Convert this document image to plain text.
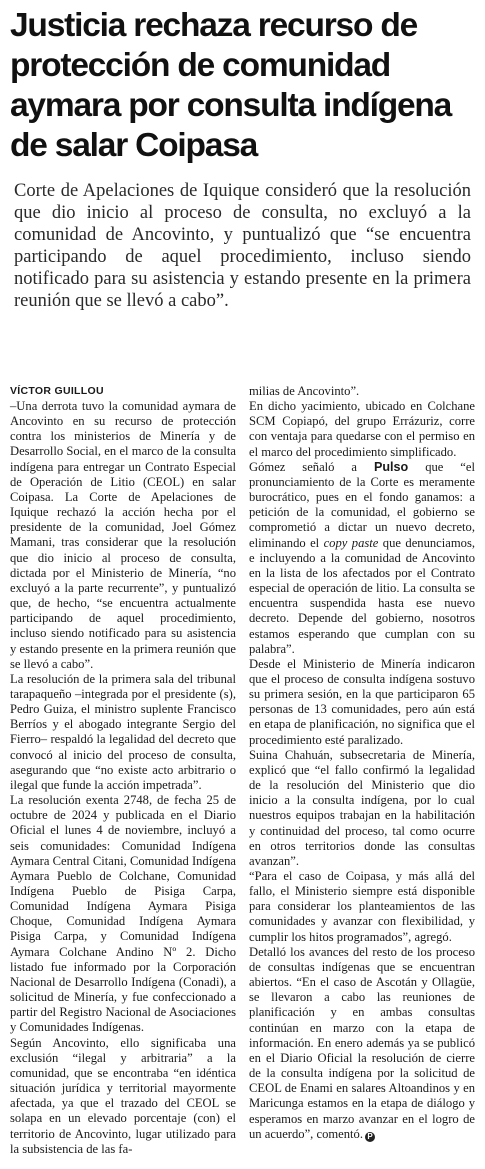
Justicia rechaza recurso de protección de comunidad aymara por consulta indígena de salar Coipasa

Corte de Apelaciones de Iquique consideró que la resolución que dio inicio al proceso de consulta, no excluyó a la comunidad de Ancovinto, y puntualizó que “se encuentra participando de aquel procedimiento, incluso siendo notificado para su asistencia y estando presente en la primera reunión que se llevó a cabo”.

VÍCTOR GUILLOU

–Una derrota tuvo la comunidad aymara de Ancovinto en su recurso de protección contra los ministerios de Minería y de Desarrollo Social, en el marco de la consulta indígena para entregar un Contrato Especial de Operación de Litio (CEOL) en salar Coipasa. La Corte de Apelaciones de Iquique rechazó la acción hecha por el presidente de la comunidad, Joel Gómez Mamani, tras considerar que la resolución que dio inicio al proceso de consulta, dictada por el Ministerio de Minería, “no excluyó a la parte recurrente”, y puntualizó que, de hecho, “se encuentra actualmente participando de aquel procedimiento, incluso siendo notificado para su asistencia y estando presente en la primera reunión que se llevó a cabo”.

La resolución de la primera sala del tribunal tarapaqueño –integrada por el presidente (s), Pedro Guiza, el ministro suplente Francisco Berríos y el abogado integrante Sergio del Fierro– respaldó la legalidad del decreto que convocó al inicio del proceso de consulta, asegurando que “no existe acto arbitrario o ilegal que funde la acción impetrada”.

La resolución exenta 2748, de fecha 25 de octubre de 2024 y publicada en el Diario Oficial el lunes 4 de noviembre, incluyó a seis comunidades: Comunidad Indígena Aymara Central Citani, Comunidad Indígena Aymara Pueblo de Colchane, Comunidad Indígena Pueblo de Pisiga Carpa, Comunidad Indígena Aymara Pisiga Choque, Comunidad Indígena Aymara Pisiga Carpa, y Comunidad Indígena Aymara Colchane Andino Nº 2. Dicho listado fue informado por la Corporación Nacional de Desarrollo Indígena (Conadi), a solicitud de Minería, y fue confeccionado a partir del Registro Nacional de Asociaciones y Comunidades Indígenas.

Según Ancovinto, ello significaba una exclusión “ilegal y arbitraria” a la comunidad, que se encontraba “en idéntica situación jurídica y territorial mayormente afectada, ya que el trazado del CEOL se solapa en un elevado porcentaje (con) el territorio de Ancovinto, lugar utilizado para la subsistencia de las fa-

milias de Ancovinto”.

En dicho yacimiento, ubicado en Colchane SCM Copiapó, del grupo Errázuriz, corre con ventaja para quedarse con el permiso en el marco del procedimiento simplificado.

Gómez señaló a Pulso que “el pronunciamiento de la Corte es meramente burocrático, pues en el fondo ganamos: a petición de la comunidad, el gobierno se comprometió a dictar un nuevo decreto, eliminando el copy paste que denunciamos, e incluyendo a la comunidad de Ancovinto en la lista de los afectados por el Contrato especial de operación de litio. La consulta se encuentra suspendida hasta ese nuevo decreto. Depende del gobierno, nosotros estamos esperando que cumplan con su palabra”.

Desde el Ministerio de Minería indicaron que el proceso de consulta indígena sostuvo su primera sesión, en la que participaron 65 personas de 13 comunidades, pero aún está en etapa de planificación, no significa que el procedimiento esté paralizado.

Suina Chahuán, subsecretaria de Minería, explicó que “el fallo confirmó la legalidad de la resolución del Ministerio que dio inicio a la consulta indígena, por lo cual nuestros equipos trabajan en la habilitación y continuidad del proceso, tal como ocurre en otros territorios donde las consultas avanzan”.

“Para el caso de Coipasa, y más allá del fallo, el Ministerio siempre está disponible para considerar los planteamientos de las comunidades y avanzar con flexibilidad, y cumplir los hitos programados”, agregó.

Detalló los avances del resto de los proceso de consultas indígenas que se encuentran abiertos. “En el caso de Ascotán y Ollagüe, se llevaron a cabo las reuniones de planificación y en ambas consultas continúan en marzo con la etapa de información. En enero además ya se publicó en el Diario Oficial la resolución de cierre de la consulta indígena por la solicitud de CEOL de Enami en salares Altoandinos y en Maricunga estamos en la etapa de diálogo y esperamos en marzo avanzar en el logro de un acuerdo”, comentó. P
